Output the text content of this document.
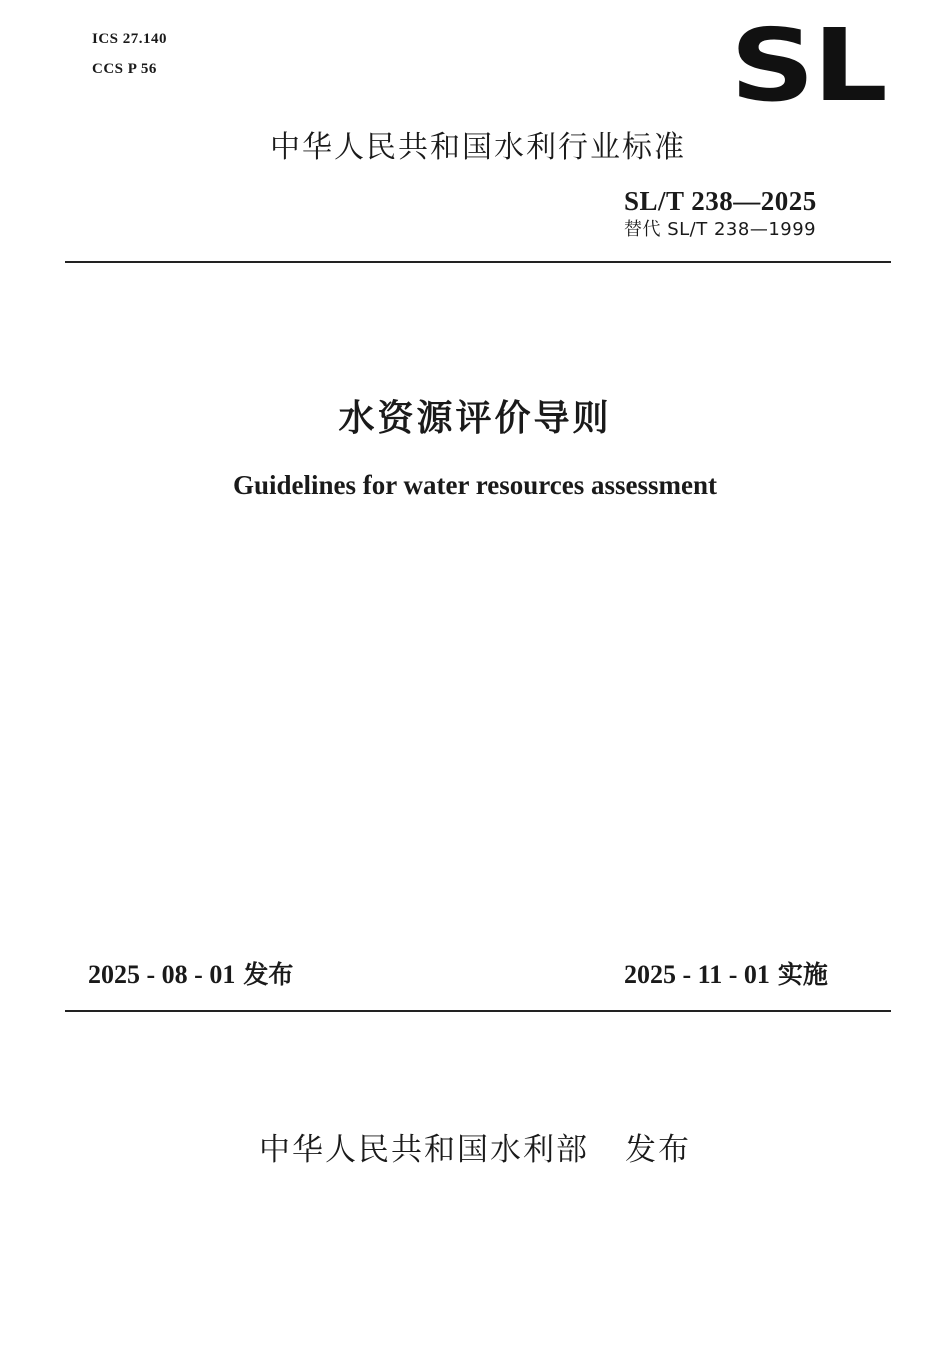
ICS 27.140
CCS P 56	SL
中华人民共和国水利行业标准
SL/T 238—2025
替代 SL/T 238—1999
水资源评价导则
Guidelines for water resources assessment
2025 - 08 - 01 发布	2025 - 11 - 01 实施
中华人民共和国水利部 发布
